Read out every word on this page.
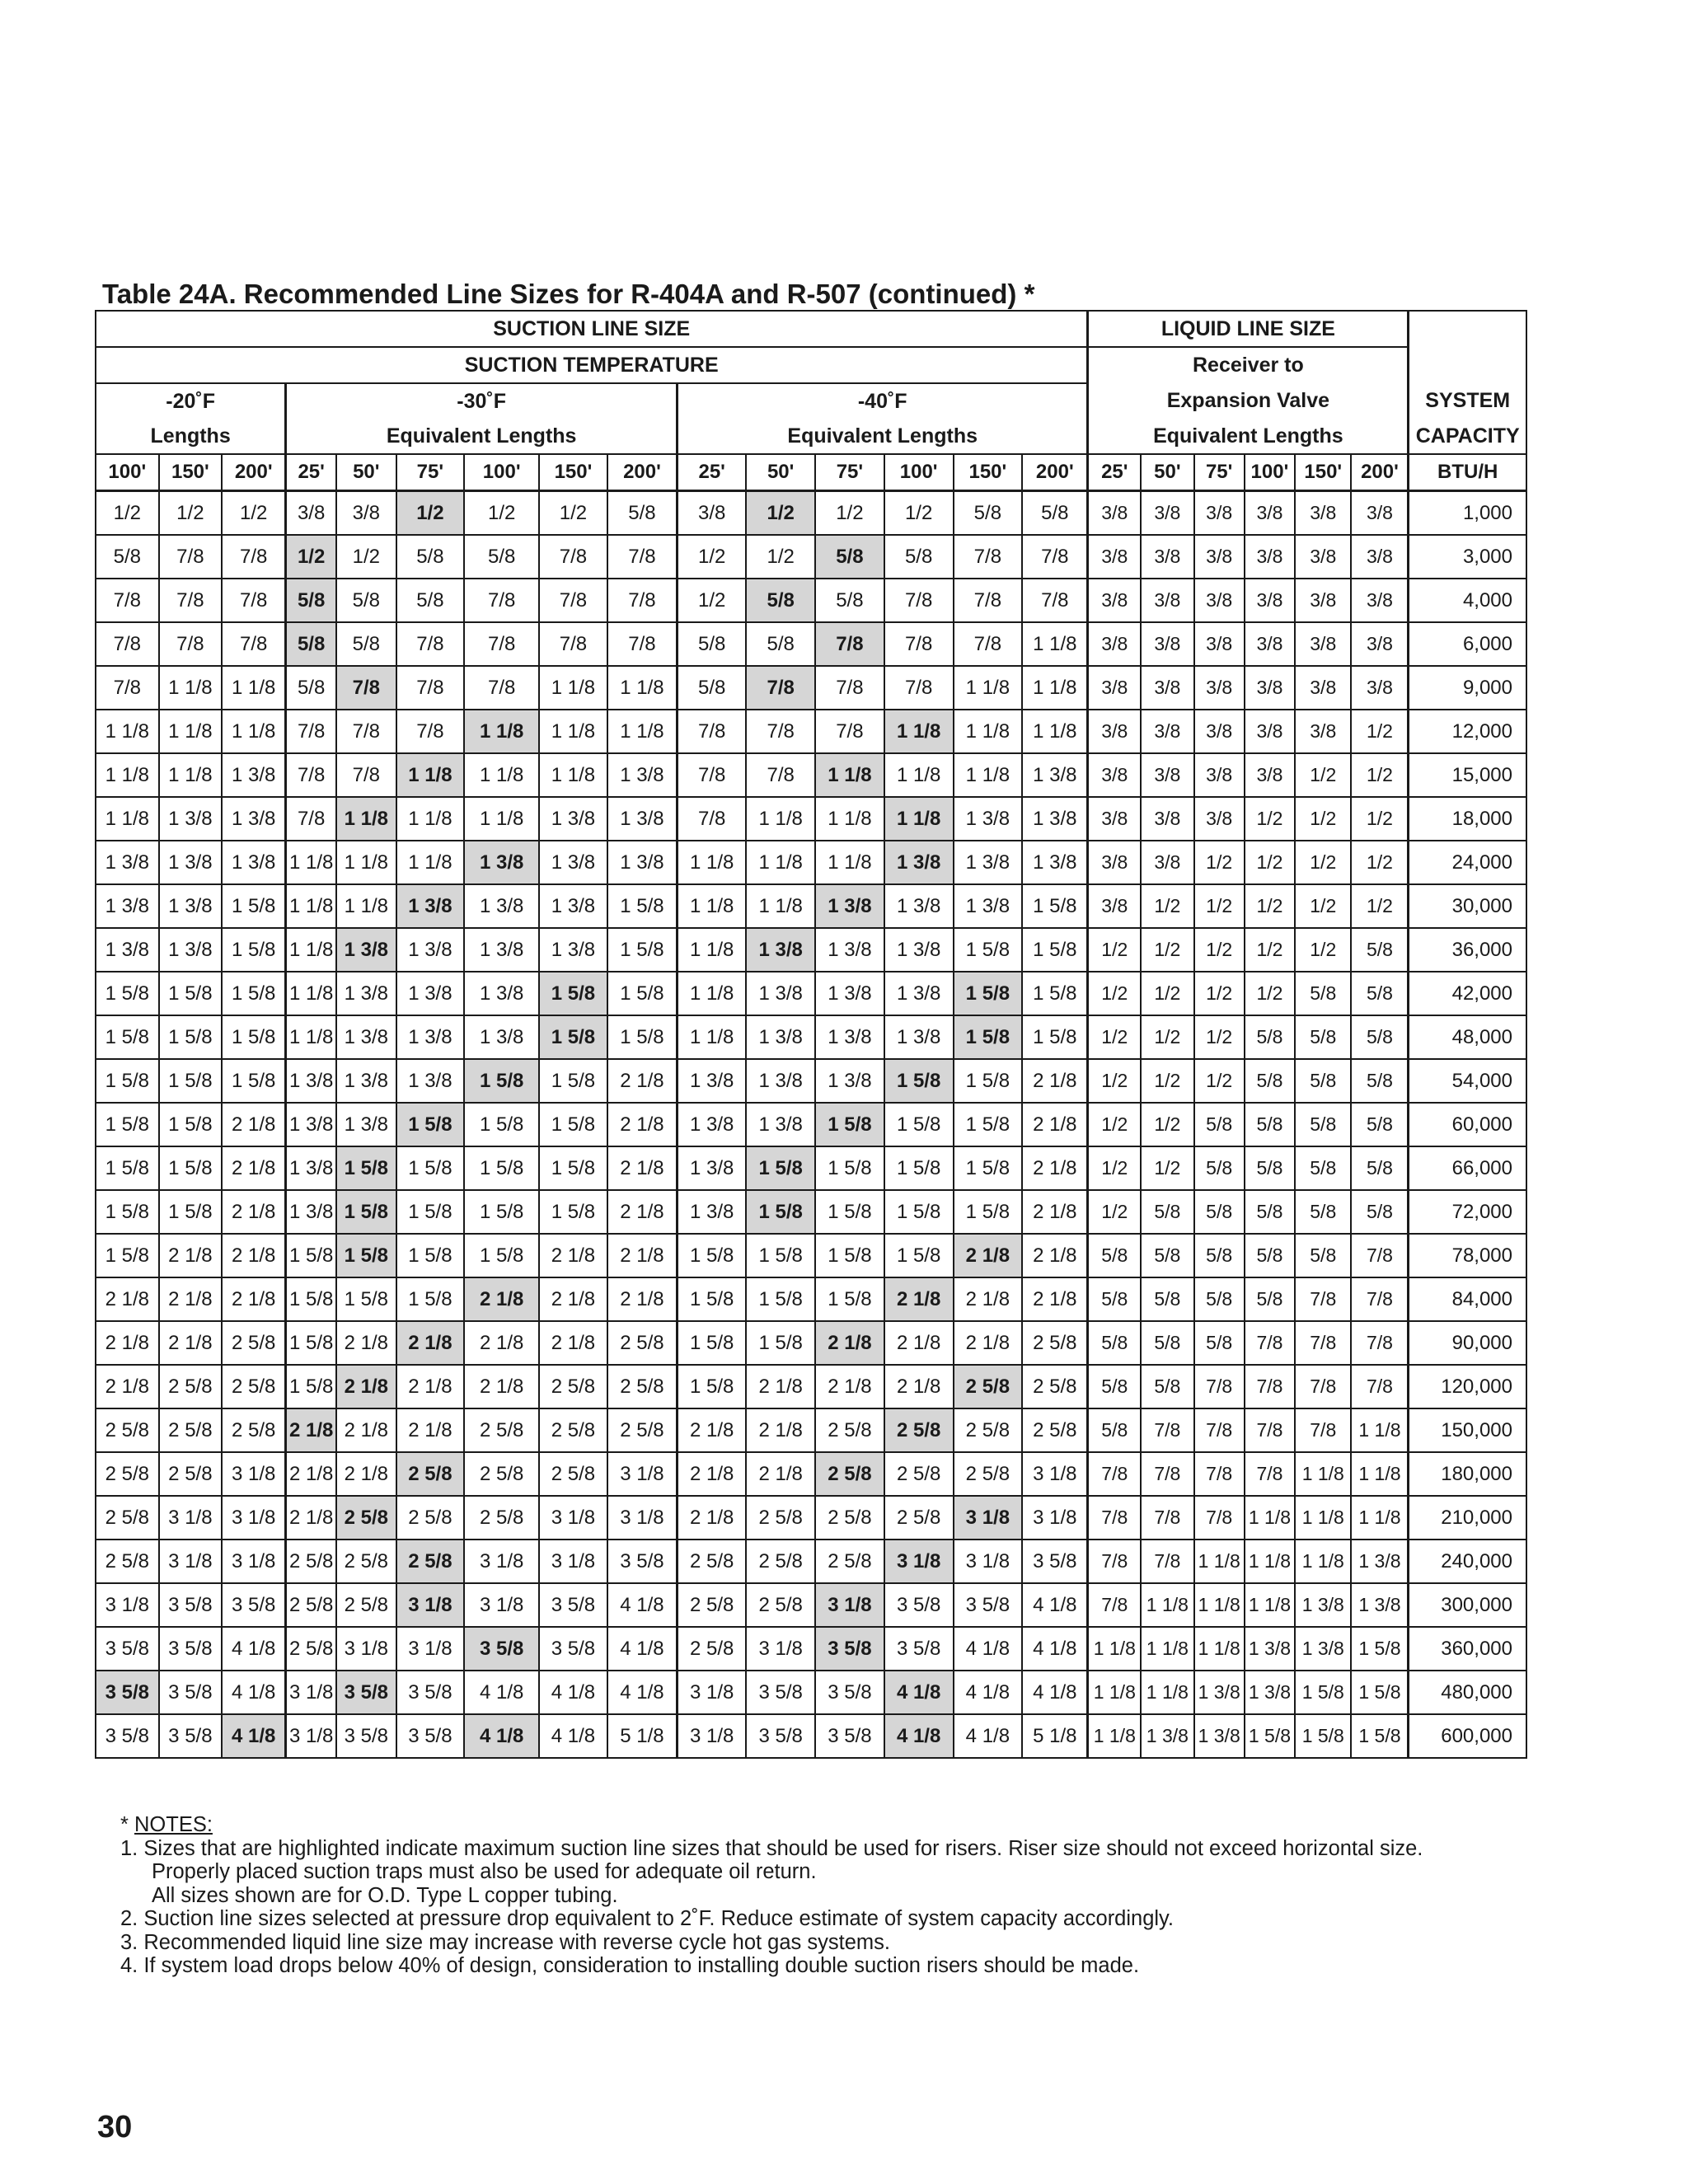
Table 24A. Recommended Line Sizes for R-404A and R-507 (continued) *
SUCTION LINE SIZE															LIQUID LINE SIZE						
SUCTION TEMPERATURE															Receiver to						
-20˚F			-30˚F						-40˚F						Expansion Valve						SYSTEM
Lengths			Equivalent Lengths						Equivalent Lengths						Equivalent Lengths						CAPACITY
100'	150'	200'	25'	50'	75'	100'	150'	200'	25'	50'	75'	100'	150'	200'	25'	50'	75'	100'	150'	200'	BTU/H
1/2	1/2	1/2	3/8	3/8	1/2	1/2	1/2	5/8	3/8	1/2	1/2	1/2	5/8	5/8	3/8	3/8	3/8	3/8	3/8	3/8	1,000
5/8	7/8	7/8	1/2	1/2	5/8	5/8	7/8	7/8	1/2	1/2	5/8	5/8	7/8	7/8	3/8	3/8	3/8	3/8	3/8	3/8	3,000
7/8	7/8	7/8	5/8	5/8	5/8	7/8	7/8	7/8	1/2	5/8	5/8	7/8	7/8	7/8	3/8	3/8	3/8	3/8	3/8	3/8	4,000
7/8	7/8	7/8	5/8	5/8	7/8	7/8	7/8	7/8	5/8	5/8	7/8	7/8	7/8	1 1/8	3/8	3/8	3/8	3/8	3/8	3/8	6,000
7/8	1 1/8	1 1/8	5/8	7/8	7/8	7/8	1 1/8	1 1/8	5/8	7/8	7/8	7/8	1 1/8	1 1/8	3/8	3/8	3/8	3/8	3/8	3/8	9,000
1 1/8	1 1/8	1 1/8	7/8	7/8	7/8	1 1/8	1 1/8	1 1/8	7/8	7/8	7/8	1 1/8	1 1/8	1 1/8	3/8	3/8	3/8	3/8	3/8	1/2	12,000
1 1/8	1 1/8	1 3/8	7/8	7/8	1 1/8	1 1/8	1 1/8	1 3/8	7/8	7/8	1 1/8	1 1/8	1 1/8	1 3/8	3/8	3/8	3/8	3/8	1/2	1/2	15,000
1 1/8	1 3/8	1 3/8	7/8	1 1/8	1 1/8	1 1/8	1 3/8	1 3/8	7/8	1 1/8	1 1/8	1 1/8	1 3/8	1 3/8	3/8	3/8	3/8	1/2	1/2	1/2	18,000
1 3/8	1 3/8	1 3/8	1 1/8	1 1/8	1 1/8	1 3/8	1 3/8	1 3/8	1 1/8	1 1/8	1 1/8	1 3/8	1 3/8	1 3/8	3/8	3/8	1/2	1/2	1/2	1/2	24,000
1 3/8	1 3/8	1 5/8	1 1/8	1 1/8	1 3/8	1 3/8	1 3/8	1 5/8	1 1/8	1 1/8	1 3/8	1 3/8	1 3/8	1 5/8	3/8	1/2	1/2	1/2	1/2	1/2	30,000
1 3/8	1 3/8	1 5/8	1 1/8	1 3/8	1 3/8	1 3/8	1 3/8	1 5/8	1 1/8	1 3/8	1 3/8	1 3/8	1 5/8	1 5/8	1/2	1/2	1/2	1/2	1/2	5/8	36,000
1 5/8	1 5/8	1 5/8	1 1/8	1 3/8	1 3/8	1 3/8	1 5/8	1 5/8	1 1/8	1 3/8	1 3/8	1 3/8	1 5/8	1 5/8	1/2	1/2	1/2	1/2	5/8	5/8	42,000
1 5/8	1 5/8	1 5/8	1 1/8	1 3/8	1 3/8	1 3/8	1 5/8	1 5/8	1 1/8	1 3/8	1 3/8	1 3/8	1 5/8	1 5/8	1/2	1/2	1/2	5/8	5/8	5/8	48,000
1 5/8	1 5/8	1 5/8	1 3/8	1 3/8	1 3/8	1 5/8	1 5/8	2 1/8	1 3/8	1 3/8	1 3/8	1 5/8	1 5/8	2 1/8	1/2	1/2	1/2	5/8	5/8	5/8	54,000
1 5/8	1 5/8	2 1/8	1 3/8	1 3/8	1 5/8	1 5/8	1 5/8	2 1/8	1 3/8	1 3/8	1 5/8	1 5/8	1 5/8	2 1/8	1/2	1/2	5/8	5/8	5/8	5/8	60,000
1 5/8	1 5/8	2 1/8	1 3/8	1 5/8	1 5/8	1 5/8	1 5/8	2 1/8	1 3/8	1 5/8	1 5/8	1 5/8	1 5/8	2 1/8	1/2	1/2	5/8	5/8	5/8	5/8	66,000
1 5/8	1 5/8	2 1/8	1 3/8	1 5/8	1 5/8	1 5/8	1 5/8	2 1/8	1 3/8	1 5/8	1 5/8	1 5/8	1 5/8	2 1/8	1/2	5/8	5/8	5/8	5/8	5/8	72,000
1 5/8	2 1/8	2 1/8	1 5/8	1 5/8	1 5/8	1 5/8	2 1/8	2 1/8	1 5/8	1 5/8	1 5/8	1 5/8	2 1/8	2 1/8	5/8	5/8	5/8	5/8	5/8	7/8	78,000
2 1/8	2 1/8	2 1/8	1 5/8	1 5/8	1 5/8	2 1/8	2 1/8	2 1/8	1 5/8	1 5/8	1 5/8	2 1/8	2 1/8	2 1/8	5/8	5/8	5/8	5/8	7/8	7/8	84,000
2 1/8	2 1/8	2 5/8	1 5/8	2 1/8	2 1/8	2 1/8	2 1/8	2 5/8	1 5/8	1 5/8	2 1/8	2 1/8	2 1/8	2 5/8	5/8	5/8	5/8	7/8	7/8	7/8	90,000
2 1/8	2 5/8	2 5/8	1 5/8	2 1/8	2 1/8	2 1/8	2 5/8	2 5/8	1 5/8	2 1/8	2 1/8	2 1/8	2 5/8	2 5/8	5/8	5/8	7/8	7/8	7/8	7/8	120,000
2 5/8	2 5/8	2 5/8	2 1/8	2 1/8	2 1/8	2 5/8	2 5/8	2 5/8	2 1/8	2 1/8	2 5/8	2 5/8	2 5/8	2 5/8	5/8	7/8	7/8	7/8	7/8	1 1/8	150,000
2 5/8	2 5/8	3 1/8	2 1/8	2 1/8	2 5/8	2 5/8	2 5/8	3 1/8	2 1/8	2 1/8	2 5/8	2 5/8	2 5/8	3 1/8	7/8	7/8	7/8	7/8	1 1/8	1 1/8	180,000
2 5/8	3 1/8	3 1/8	2 1/8	2 5/8	2 5/8	2 5/8	3 1/8	3 1/8	2 1/8	2 5/8	2 5/8	2 5/8	3 1/8	3 1/8	7/8	7/8	7/8	1 1/8	1 1/8	1 1/8	210,000
2 5/8	3 1/8	3 1/8	2 5/8	2 5/8	2 5/8	3 1/8	3 1/8	3 5/8	2 5/8	2 5/8	2 5/8	3 1/8	3 1/8	3 5/8	7/8	7/8	1 1/8	1 1/8	1 1/8	1 3/8	240,000
3 1/8	3 5/8	3 5/8	2 5/8	2 5/8	3 1/8	3 1/8	3 5/8	4 1/8	2 5/8	2 5/8	3 1/8	3 5/8	3 5/8	4 1/8	7/8	1 1/8	1 1/8	1 1/8	1 3/8	1 3/8	300,000
3 5/8	3 5/8	4 1/8	2 5/8	3 1/8	3 1/8	3 5/8	3 5/8	4 1/8	2 5/8	3 1/8	3 5/8	3 5/8	4 1/8	4 1/8	1 1/8	1 1/8	1 1/8	1 3/8	1 3/8	1 5/8	360,000
3 5/8	3 5/8	4 1/8	3 1/8	3 5/8	3 5/8	4 1/8	4 1/8	4 1/8	3 1/8	3 5/8	3 5/8	4 1/8	4 1/8	4 1/8	1 1/8	1 1/8	1 3/8	1 3/8	1 5/8	1 5/8	480,000
3 5/8	3 5/8	4 1/8	3 1/8	3 5/8	3 5/8	4 1/8	4 1/8	5 1/8	3 1/8	3 5/8	3 5/8	4 1/8	4 1/8	5 1/8	1 1/8	1 3/8	1 3/8	1 5/8	1 5/8	1 5/8	600,000
* NOTES:
1. Sizes that are highlighted indicate maximum suction line sizes that should be used for risers. Riser size should not exceed horizontal size.
Properly placed suction traps must also be used for adequate oil return.
All sizes shown are for O.D. Type L copper tubing.
2. Suction line sizes selected at pressure drop equivalent to 2˚F. Reduce estimate of system capacity accordingly.
3. Recommended liquid line size may increase with reverse cycle hot gas systems.
4. If system load drops below 40% of design, consideration to installing double suction risers should be made.
30
